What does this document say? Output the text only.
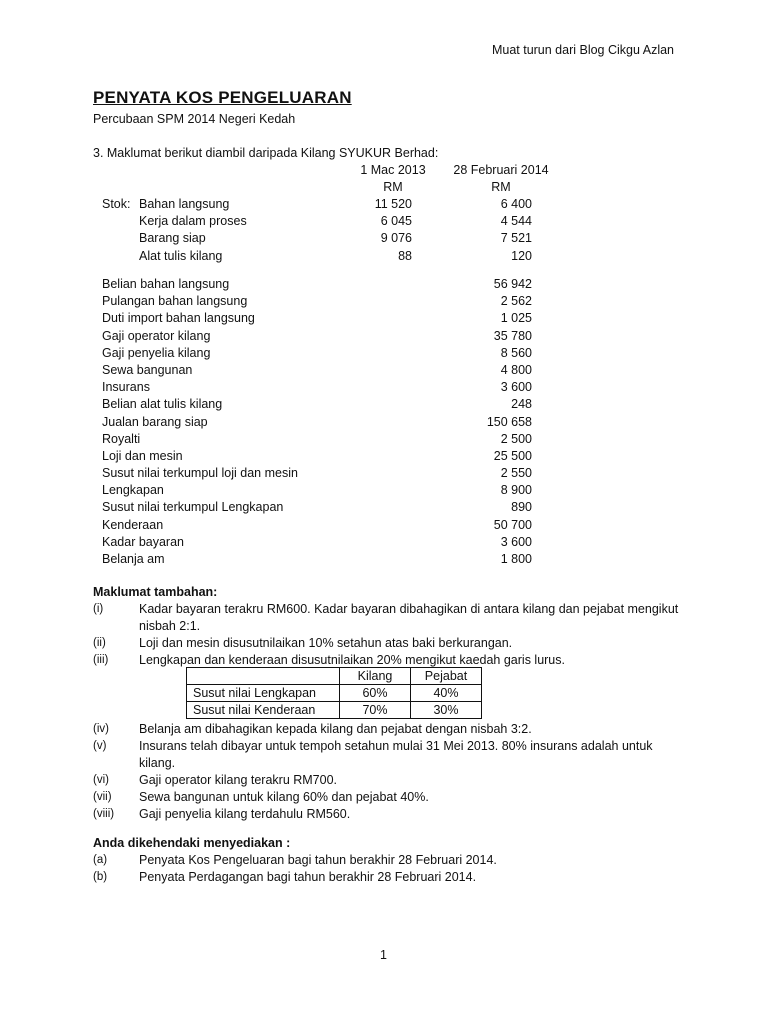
Muat turun dari Blog Cikgu Azlan
PENYATA KOS PENGELUARAN
Percubaan SPM 2014 Negeri Kedah
3. Maklumat berikut diambil daripada Kilang SYUKUR Berhad:
1 Mac 2013	28 Februari 2014
RM	RM
Stok: Bahan langsung	11 520	6 400
Kerja dalam proses	6 045	4 544
Barang siap	9 076	7 521
Alat tulis kilang	88	120
Belian bahan langsung	56 942
Pulangan bahan langsung	2 562
Duti import bahan langsung	1 025
Gaji operator kilang	35 780
Gaji penyelia kilang	8 560
Sewa bangunan	4 800
Insurans	3 600
Belian alat tulis kilang	248
Jualan barang siap	150 658
Royalti	2 500
Loji dan mesin	25 500
Susut nilai terkumpul loji dan mesin	2 550
Lengkapan	8 900
Susut nilai terkumpul Lengkapan	890
Kenderaan	50 700
Kadar bayaran	3 600
Belanja am	1 800
Maklumat tambahan:
(i)	Kadar bayaran terakru RM600. Kadar bayaran dibahagikan di antara kilang dan pejabat mengikut nisbah 2:1.
(ii)	Loji dan mesin disusutnilaikan 10% setahun atas baki berkurangan.
(iii) Lengkapan dan kenderaan disusutnilaikan 20% mengikut kaedah garis lurus.
	Kilang	Pejabat
Susut nilai Lengkapan	60%	40%
Susut nilai Kenderaan	70%	30%
(iv) Belanja am dibahagikan kepada kilang dan pejabat dengan nisbah 3:2.
(v)	Insurans telah dibayar untuk tempoh setahun mulai 31 Mei 2013. 80% insurans adalah untuk kilang.
(vi) Gaji operator kilang terakru RM700.
(vii) Sewa bangunan untuk kilang 60% dan pejabat 40%.
(viii) Gaji penyelia kilang terdahulu RM560.
Anda dikehendaki menyediakan :
(a)	Penyata Kos Pengeluaran bagi tahun berakhir 28 Februari 2014.
(b)	Penyata Perdagangan bagi tahun berakhir 28 Februari 2014.
1
